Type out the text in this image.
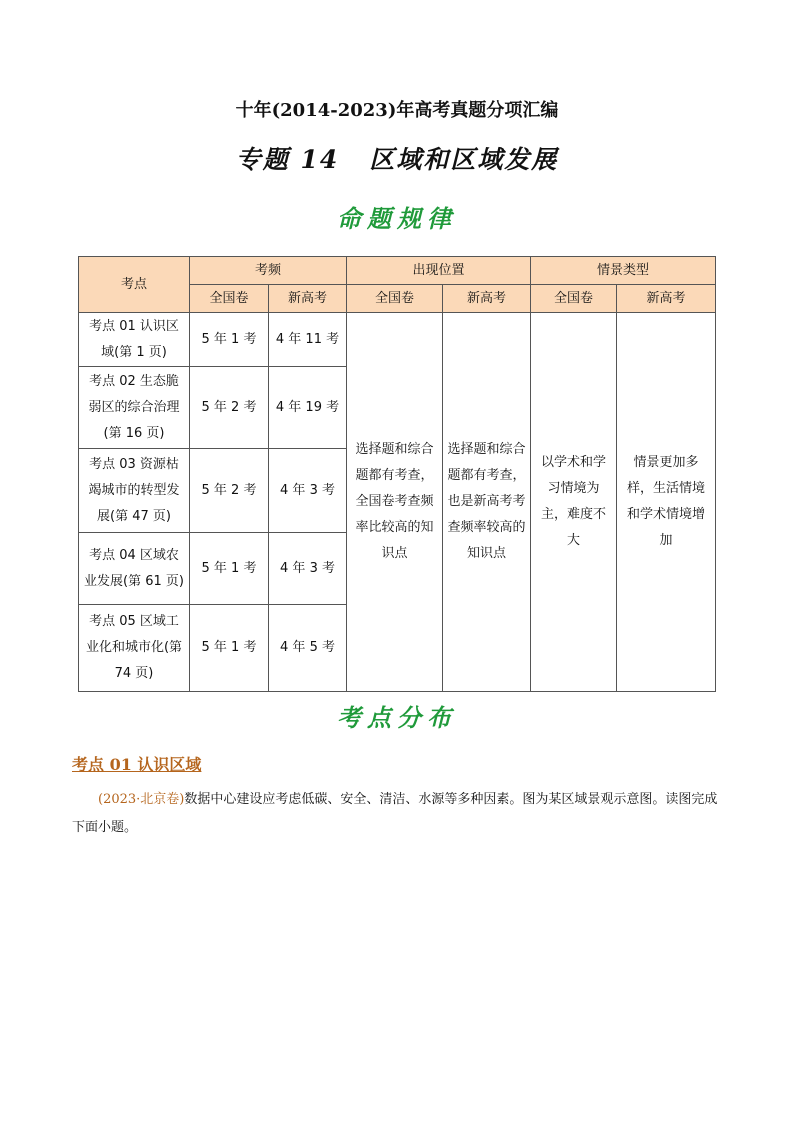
十年(2014-2023)年高考真题分项汇编
专题 14 区域和区域发展
命题规律
考点	考频		出现位置		情景类型	
	全国卷	新高考	全国卷	新高考	全国卷	新高考
考点 01 认识区域(第 1 页)	5 年 1 考	4 年 11 考	选择题和综合题都有考查，全国卷考查频率比较高的知识点	选择题和综合题都有考查，也是新高考考查频率较高的知识点	以学术和学习情境为主，难度不大	情景更加多样，生活情境和学术情境增加
考点 02 生态脆弱区的综合治理(第 16 页)	5 年 2 考	4 年 19 考				
考点 03 资源枯竭城市的转型发展(第 47 页)	5 年 2 考	4 年 3 考				
考点 04 区域农业发展(第 61 页)	5 年 1 考	4 年 3 考				
考点 05 区域工业化和城市化(第 74 页)	5 年 1 考	4 年 5 考				
考点分布
考点 01 认识区域
(2023·北京卷)数据中心建设应考虑低碳、安全、清洁、水源等多种因素。图为某区域景观示意图。读图完成下面小题。
